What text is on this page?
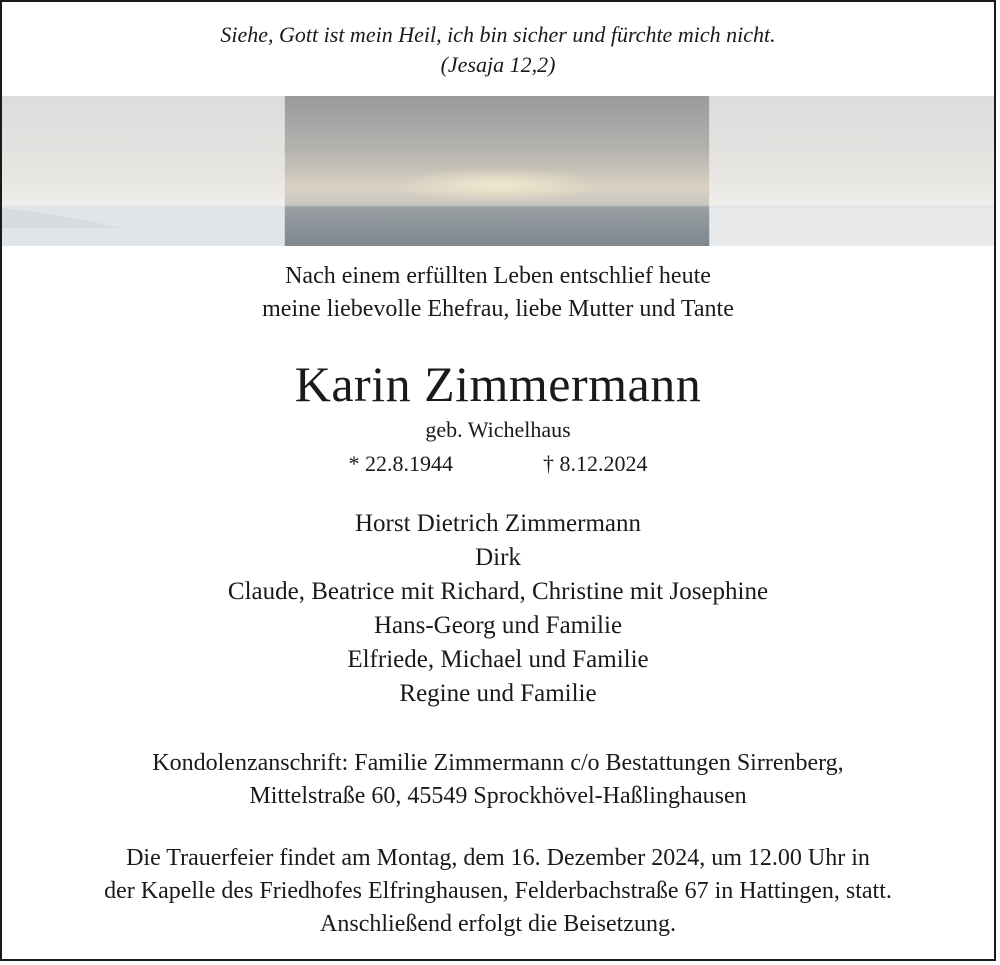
Siehe, Gott ist mein Heil, ich bin sicher und fürchte mich nicht.
(Jesaja 12,2)
Nach einem erfüllten Leben entschlief heute
meine liebevolle Ehefrau, liebe Mutter und Tante
Karin Zimmermann
geb. Wichelhaus
* 22.8.1944	† 8.12.2024
Horst Dietrich Zimmermann
Dirk
Claude, Beatrice mit Richard, Christine mit Josephine
Hans-Georg und Familie
Elfriede, Michael und Familie
Regine und Familie
Kondolenzanschrift: Familie Zimmermann c/o Bestattungen Sirrenberg,
Mittelstraße 60, 45549 Sprockhövel-Haßlinghausen
Die Trauerfeier findet am Montag, dem 16. Dezember 2024, um 12.00 Uhr in
der Kapelle des Friedhofes Elfringhausen, Felderbachstraße 67 in Hattingen, statt.
Anschließend erfolgt die Beisetzung.
